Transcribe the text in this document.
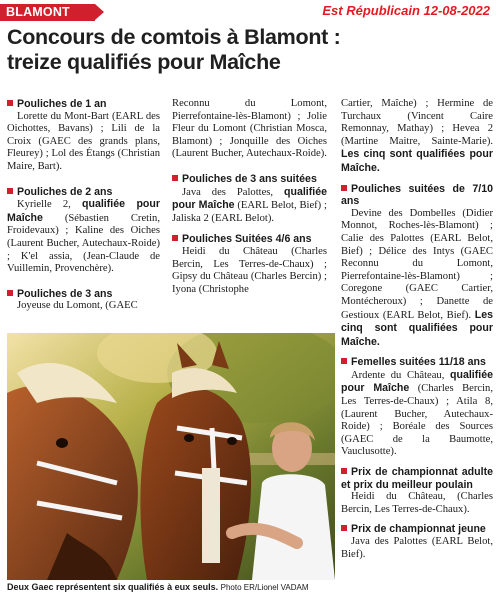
BLAMONT	Est Républicain 12-08-2022
Concours de comtois à Blamont :
treize qualifiés pour Maîche
Pouliches de 1 an

Lorette du Mont-Bart (EARL des Oichottes, Bavans) ; Lili de la Croix (GAEC des grands plans, Fleurey) ; Lol des Étangs (Christian Maire, Bart).

Pouliches de 2 ans

Kyrielle 2, qualifiée pour Maîche (Sébastien Cretin, Froidevaux) ; Kaline des Oiches (Laurent Bucher, Autechaux-Roide) ; K'el assia, (Jean-Claude de Vuillemin, Provenchère).

Pouliches de 3 ans

Joyeuse du Lomont, (GAEC

Reconnu du Lomont, Pierrefontaine-lès-Blamont) ; Jolie Fleur du Lomont (Christian Mosca, Blamont) ; Jonquille des Oiches (Laurent Bucher, Autechaux-Roide).

Pouliches de 3 ans suitées

Java des Palottes, qualifiée pour Maîche (EARL Belot, Bief) ; Jaliska 2 (EARL Belot).

Pouliches Suitées 4/6 ans

Heidi du Château (Charles Bercin, Les Terres-de-Chaux) ; Gipsy du Château (Charles Bercin) ; Iyona (Christophe

Cartier, Maîche) ; Hermine de Turchaux (Vincent Caire Remonnay, Mathay) ; Hevea 2 (Martine Maitre, Sainte-Marie). Les cinq sont qualifiées pour Maîche.

Pouliches suitées de 7/10 ans

Devine des Dombelles (Didier Monnot, Roches-lès-Blamont) ; Calie des Palottes (EARL Belot, Bief) ; Délice des Intys (GAEC Reconnu du Lomont, Pierrefontaine-lès-Blamont) ; Coregone (GAEC Cartier, Montécheroux) ; Danette de Gestioux (EARL Belot, Bief). Les cinq sont qualifiées pour Maîche.

Femelles suitées 11/18 ans

Ardente du Château, qualifiée pour Maîche (Charles Bercin, Les Terres-de-Chaux) ; Atila 8, (Laurent Bucher, Autechaux-Roide) ; Boréale des Sources (GAEC de la Baumotte, Vauclusotte).

Prix de championnat adulte et prix du meilleur poulain

Heidi du Château, (Charles Bercin, Les Terres-de-Chaux).

Prix de championnat jeune

Java des Palottes (EARL Belot, Bief).

Deux Gaec représentent six qualifiés à eux seuls. Photo ER/Lionel VADAM
